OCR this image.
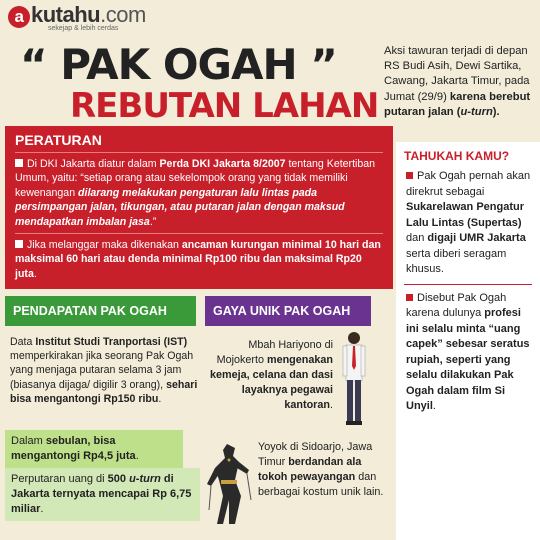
a kutahu.com
sekejap & lebih cerdas
“ PAK OGAH ”
REBUTAN LAHAN
Aksi tawuran terjadi di depan RS Budi Asih, Dewi Sartika, Cawang, Jakarta Timur, pada Jumat (29/9) karena berebut putaran jalan (u-turn).
PERATURAN

Di DKI Jakarta diatur dalam Perda DKI Jakarta 8/2007 tentang Ketertiban Umum, yaitu: “setiap orang atau sekelompok orang yang tidak memiliki kewenangan dilarang melakukan pengaturan lalu lintas pada persimpangan jalan, tikungan, atau putaran jalan dengan maksud mendapatkan imbalan jasa.”

Jika melanggar maka dikenakan ancaman kurungan minimal 10 hari dan maksimal 60 hari atau denda minimal Rp100 ribu dan maksimal Rp20 juta.

PENDAPATAN PAK OGAH	GAYA UNIK PAK OGAH
Data Institut Studi Tranportasi (IST) memperkirakan jika seorang Pak Ogah yang menjaga putaran selama 3 jam (biasanya dijaga/ digilir 3 orang), sehari bisa mengantongi Rp150 ribu.
Dalam sebulan, bisa mengantongi Rp4,5 juta.
Perputaran uang di 500 u-turn di Jakarta ternyata mencapai Rp 6,75 miliar.
Mbah Hariyono di Mojokerto mengenakan kemeja, celana dan dasi layaknya pegawai kantoran.
Yoyok di Sidoarjo, Jawa Timur berdandan ala tokoh pewayangan dan berbagai kostum unik lain.
TAHUKAH KAMU?
Pak Ogah pernah akan direkrut sebagai Sukarelawan Pengatur Lalu Lintas (Supertas) dan digaji UMR Jakarta serta diberi seragam khusus.
Disebut Pak Ogah karena dulunya profesi ini selalu minta “uang capek” sebesar seratus rupiah, seperti yang selalu dilakukan Pak Ogah dalam film Si Unyil.
